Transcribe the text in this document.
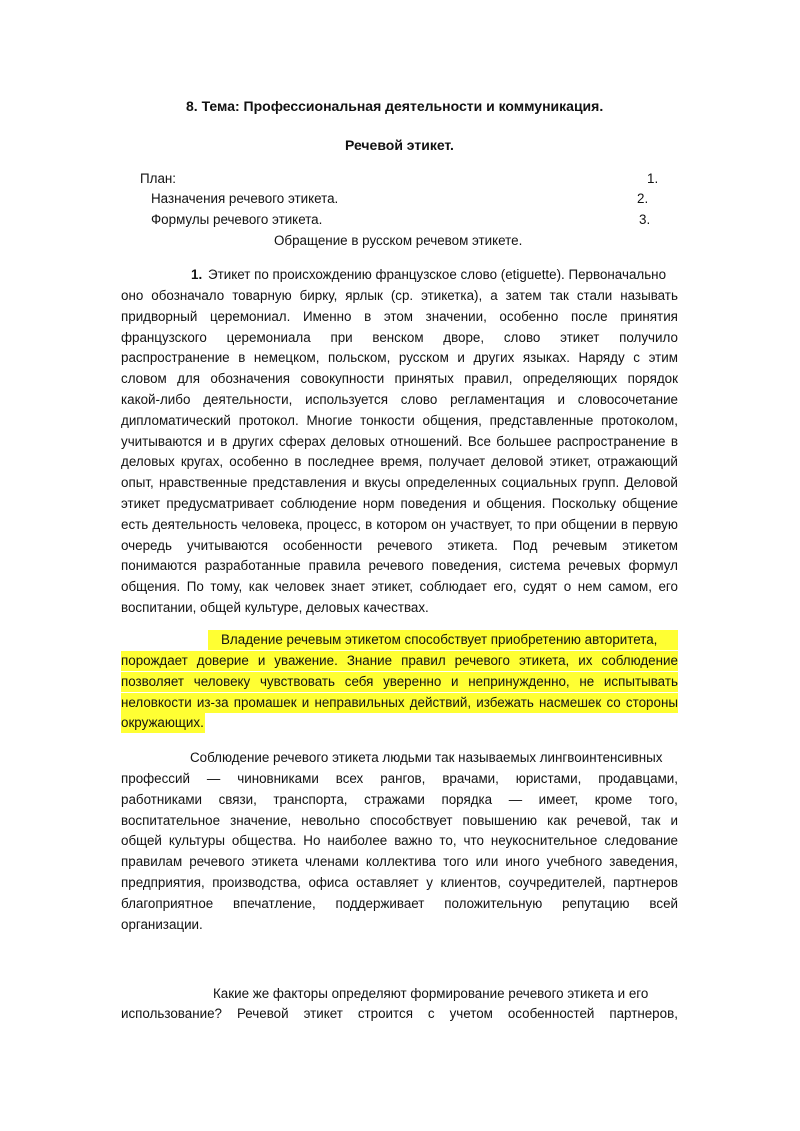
8. Тема: Профессиональная деятельности и коммуникация.
Речевой этикет.
План:	1.
Назначения речевого этикета.	2.
Формулы речевого этикета.	3.
Обращение в русском речевом этикете.
1. Этикет по происхождению французское слово (etiguette). Первоначально
оно обозначало товарную бирку, ярлык (ср. этикетка), а затем так стали называть
придворный церемониал. Именно в этом значении, особенно после принятия
французского церемониала при венском дворе, слово этикет получило
распространение в немецком, польском, русском и других языках. Наряду с этим
словом для обозначения совокупности принятых правил, определяющих порядок
какой-либо деятельности, используется слово регламентация и словосочетание
дипломатический протокол. Многие тонкости общения, представленные протоколом,
учитываются и в других сферах деловых отношений. Все большее распространение в
деловых кругах, особенно в последнее время, получает деловой этикет, отражающий
опыт, нравственные представления и вкусы определенных социальных групп. Деловой
этикет предусматривает соблюдение норм поведения и общения. Поскольку общение
есть деятельность человека, процесс, в котором он участвует, то при общении в первую
очередь учитываются особенности речевого этикета. Под речевым этикетом
понимаются разработанные правила речевого поведения, система речевых формул
общения. По тому, как человек знает этикет, соблюдает его, судят о нем самом, его
воспитании, общей культуре, деловых качествах.
Владение речевым этикетом способствует приобретению авторитета,
порождает доверие и уважение. Знание правил речевого этикета, их соблюдение
позволяет человеку чувствовать себя уверенно и непринужденно, не испытывать
неловкости из-за промашек и неправильных действий, избежать насмешек со стороны
окружающих.
Соблюдение речевого этикета людьми так называемых лингвоинтенсивных
профессий — чиновниками всех рангов, врачами, юристами, продавцами,
работниками связи, транспорта, стражами порядка — имеет, кроме того,
воспитательное значение, невольно способствует повышению как речевой, так и
общей культуры общества. Но наиболее важно то, что неукоснительное следование
правилам речевого этикета членами коллектива того или иного учебного заведения,
предприятия, производства, офиса оставляет у клиентов, соучредителей, партнеров
благоприятное впечатление, поддерживает положительную репутацию всей
организации.
Какие же факторы определяют формирование речевого этикета и его
использование? Речевой этикет строится с учетом особенностей партнеров,
